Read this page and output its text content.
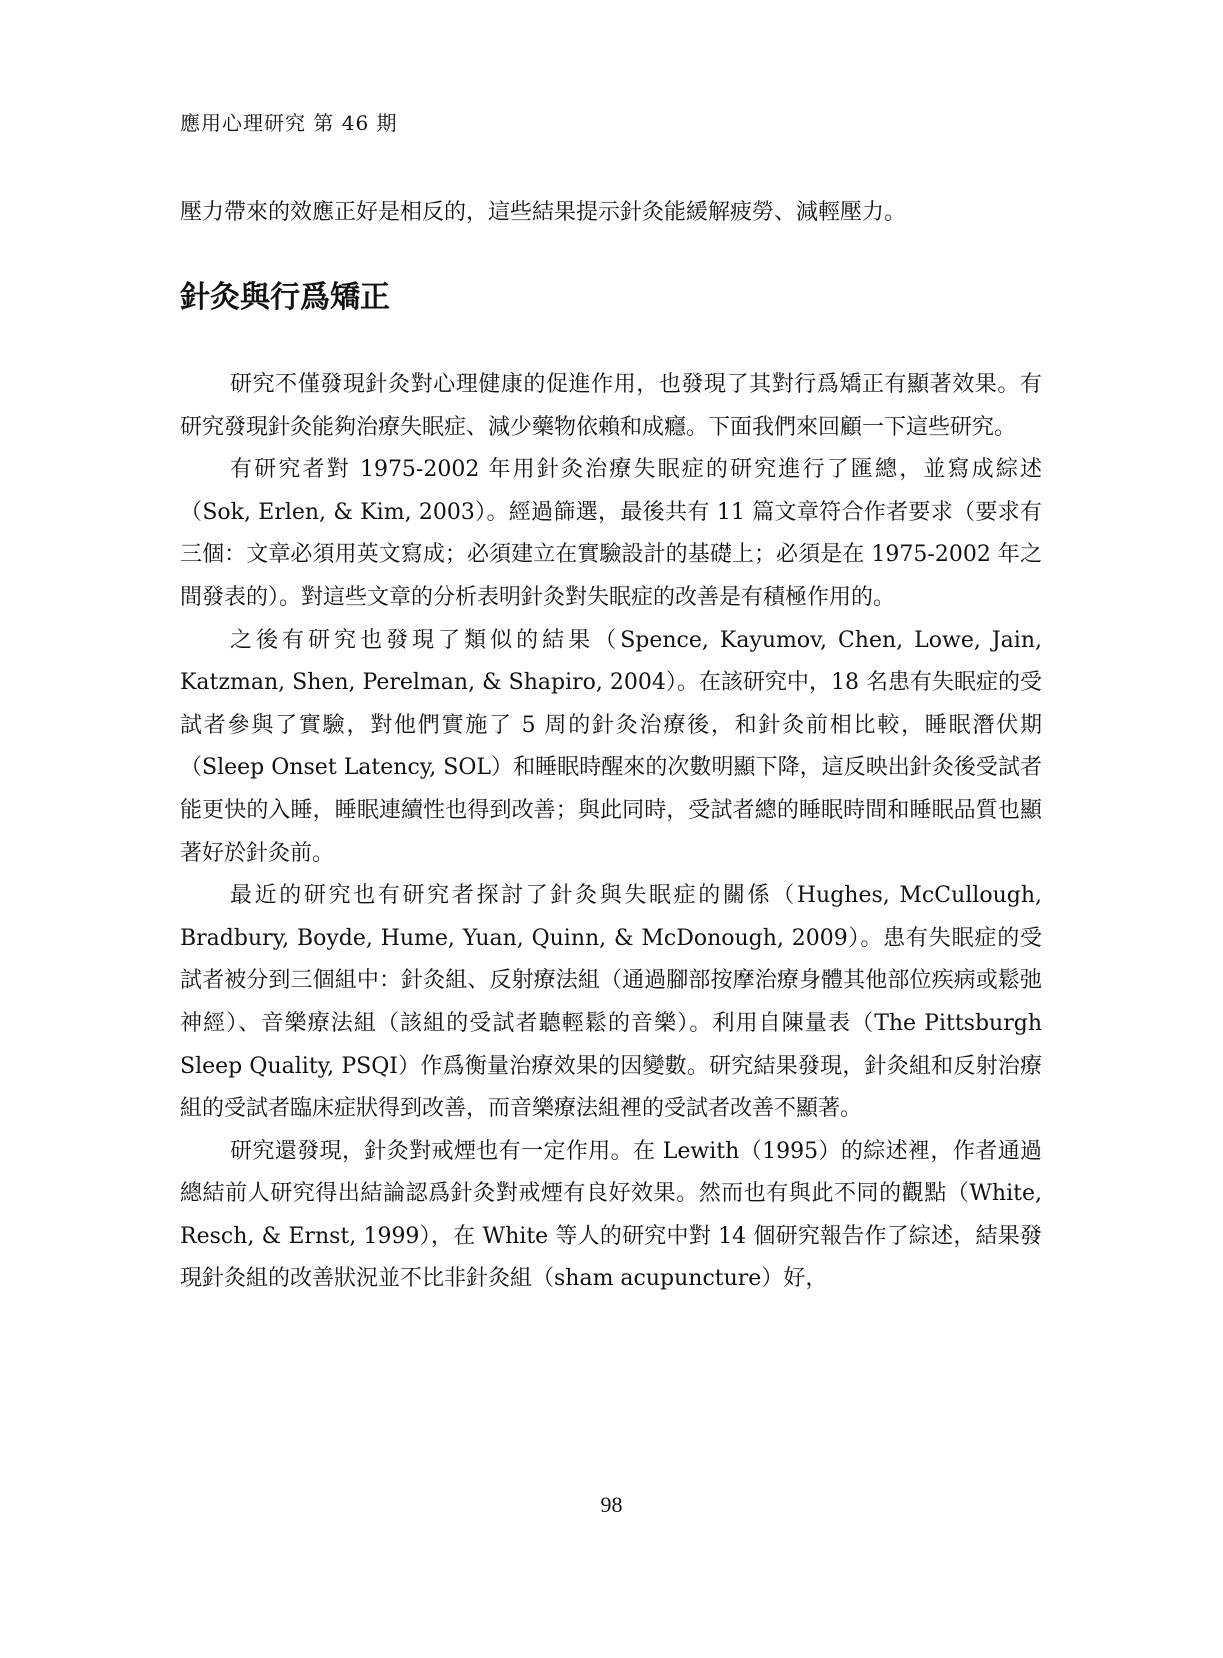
應用心理研究 第 46 期
壓力帶來的效應正好是相反的，這些結果提示針灸能緩解疲勞、減輕壓力。
針灸與行爲矯正

研究不僅發現針灸對心理健康的促進作用，也發現了其對行爲矯正有顯著效果。有研究發現針灸能夠治療失眠症、減少藥物依賴和成癮。下面我們來回顧一下這些研究。

有研究者對 1975-2002 年用針灸治療失眠症的研究進行了匯總，並寫成綜述（Sok, Erlen, & Kim, 2003）。經過篩選，最後共有 11 篇文章符合作者要求（要求有三個：文章必須用英文寫成；必須建立在實驗設計的基礎上；必須是在 1975-2002 年之間發表的）。對這些文章的分析表明針灸對失眠症的改善是有積極作用的。

之後有研究也發現了類似的結果（Spence, Kayumov, Chen, Lowe, Jain, Katzman, Shen, Perelman, & Shapiro, 2004）。在該研究中，18 名患有失眠症的受試者參與了實驗，對他們實施了 5 周的針灸治療後，和針灸前相比較，睡眠潛伏期（Sleep Onset Latency, SOL）和睡眠時醒來的次數明顯下降，這反映出針灸後受試者能更快的入睡，睡眠連續性也得到改善；與此同時，受試者總的睡眠時間和睡眠品質也顯著好於針灸前。

最近的研究也有研究者探討了針灸與失眠症的關係（Hughes, McCullough, Bradbury, Boyde, Hume, Yuan, Quinn, & McDonough, 2009）。患有失眠症的受試者被分到三個組中：針灸組、反射療法組（通過腳部按摩治療身體其他部位疾病或鬆弛神經）、音樂療法組（該組的受試者聽輕鬆的音樂）。利用自陳量表（The Pittsburgh Sleep Quality, PSQI）作爲衡量治療效果的因變數。研究結果發現，針灸組和反射治療組的受試者臨床症狀得到改善，而音樂療法組裡的受試者改善不顯著。

研究還發現，針灸對戒煙也有一定作用。在 Lewith（1995）的綜述裡，作者通過總結前人研究得出結論認爲針灸對戒煙有良好效果。然而也有與此不同的觀點（White, Resch, & Ernst, 1999），在 White 等人的研究中對 14 個研究報告作了綜述，結果發現針灸組的改善狀況並不比非針灸組（sham acupuncture）好，

98
